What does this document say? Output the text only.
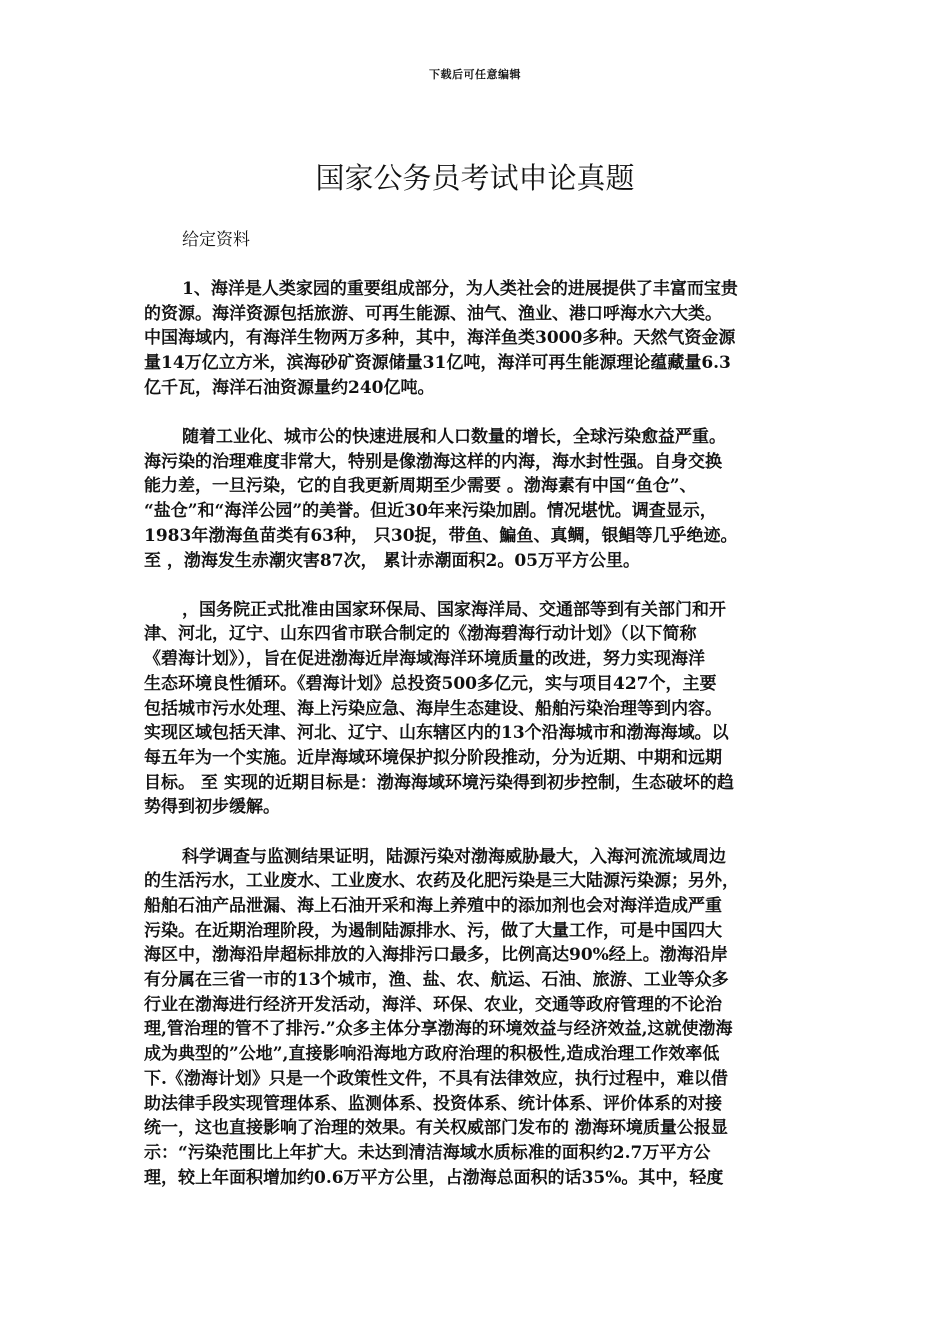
下载后可任意编辑
国家公务员考试申论真题
给定资料

1、海洋是人类家园的重要组成部分，为人类社会的进展提供了丰富而宝贵
的资源。海洋资源包括旅游、可再生能源、油气、渔业、港口呼海水六大类。
中国海域内，有海洋生物两万多种，其中，海洋鱼类3000多种。天然气资金源
量14万亿立方米，滨海砂矿资源储量31亿吨，海洋可再生能源理论蕴藏量6.3
亿千瓦，海洋石油资源量约240亿吨。

随着工业化、城市公的快速进展和人口数量的增长，全球污染愈益严重。
海污染的治理难度非常大，特别是像渤海这样的内海，海水封性强。自身交换
能力差，一旦污染，它的自我更新周期至少需要 。渤海素有中国“鱼仓”、
“盐仓”和“海洋公园”的美誉。但近30年来污染加剧。情况堪忧。调查显示，
1983年渤海鱼苗类有63种， 只30捉，带鱼、鯿鱼、真鲷，银鲳等几乎绝迹。
至 ，渤海发生赤潮灾害87次， 累计赤潮面积2。05万平方公里。

，国务院正式批准由国家环保局、国家海洋局、交通部等到有关部门和开
津、河北，辽宁、山东四省市联合制定的《渤海碧海行动计划》（以下简称
《碧海计划》），旨在促进渤海近岸海域海洋环境质量的改进，努力实现海洋
生态环境良性循环。《碧海计划》总投资500多亿元，实与项目427个，主要
包括城市污水处理、海上污染应急、海岸生态建设、船舶污染治理等到内容。
实现区域包括天津、河北、辽宁、山东辖区内的13个沿海城市和渤海海域。以
每五年为一个实施。近岸海域环境保护拟分阶段推动，分为近期、中期和远期
目标。 至 实现的近期目标是：渤海海域环境污染得到初步控制，生态破坏的趋
势得到初步缓解。

科学调查与监测结果证明，陆源污染对渤海威胁最大，入海河流流域周边
的生活污水，工业废水、工业废水、农药及化肥污染是三大陆源污染源；另外，
船舶石油产品泄漏、海上石油开采和海上养殖中的添加剂也会对海洋造成严重
污染。在近期治理阶段，为遏制陆源排水、污，做了大量工作，可是中国四大
海区中，渤海沿岸超标排放的入海排污口最多，比例高达90%经上。渤海沿岸
有分属在三省一市的13个城市，渔、盐、农、航运、石油、旅游、工业等众多
行业在渤海进行经济开发活动，海洋、环保、农业，交通等政府管理的不论治
理,管治理的管不了排污.”众多主体分享渤海的环境效益与经济效益,这就使渤海
成为典型的”公地”,直接影响沿海地方政府治理的积极性,造成治理工作效率低
下.《渤海计划》只是一个政策性文件，不具有法律效应，执行过程中，难以借
助法律手段实现管理体系、监测体系、投资体系、统计体系、评价体系的对接
统一，这也直接影响了治理的效果。有关权威部门发布的 渤海环境质量公报显
示：“污染范围比上年扩大。未达到清洁海域水质标准的面积约2.7万平方公
理，较上年面积增加约0.6万平方公里，占渤海总面积的话35%。其中，轻度
